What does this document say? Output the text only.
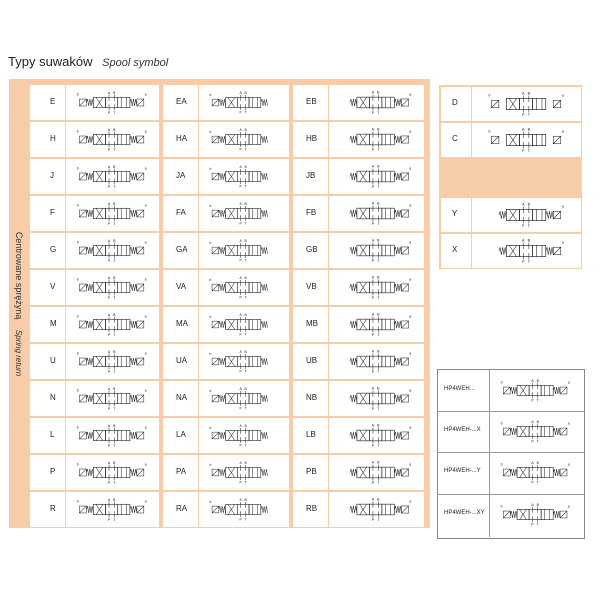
Typy suwaków Spool symbol
Centrowane sprężyną Spring return
E
A B
P T
b	a
H
A B
P T
b	a
J
A B
P T
b	a
F
A B
P T
b	a
G
A B
P T
b	a
V
A B
P T
b	a
M
A B
P T
b	a
U
A B
P T
b	a
N
A B
P T
b	a
L
A B
P T
b	a
P
A B
P T
b	a
R
A B
P T
b	a
EA
A B
P T
b
HA
A B
P T
b
JA
A B
P T
b
FA
A B
P T
b
GA
A B
P T
b
VA
A B
P T
b
MA
A B
P T
b
UA
A B
P T
b
NA
A B
P T
b
LA
A B
P T
b
PA
A B
P T
b
RA
A B
P T
b
EB
A B
P T
a
HB
A B
P T
a
JB
A B
P T
a
FB
A B
P T
a
GB
A B
P T
a
VB
A B
P T
a
MB
A B
P T
a
UB
A B
P T
a
NB
A B
P T
a
LB
A B
P T
a
PB
A B
P T
a
RB
A B
P T
a
D
A B
P T
b	a
C
A B
P T
b	a
Y
A B
P T
a
X
A B
P T
a
HP4WEH...
A B
P T
b	a
HP4WEH-...X
A B
P T
b	a
HP4WEH-...Y
A B
P T
b	a
HP4WEH-...XY
A B
P T
b	a
